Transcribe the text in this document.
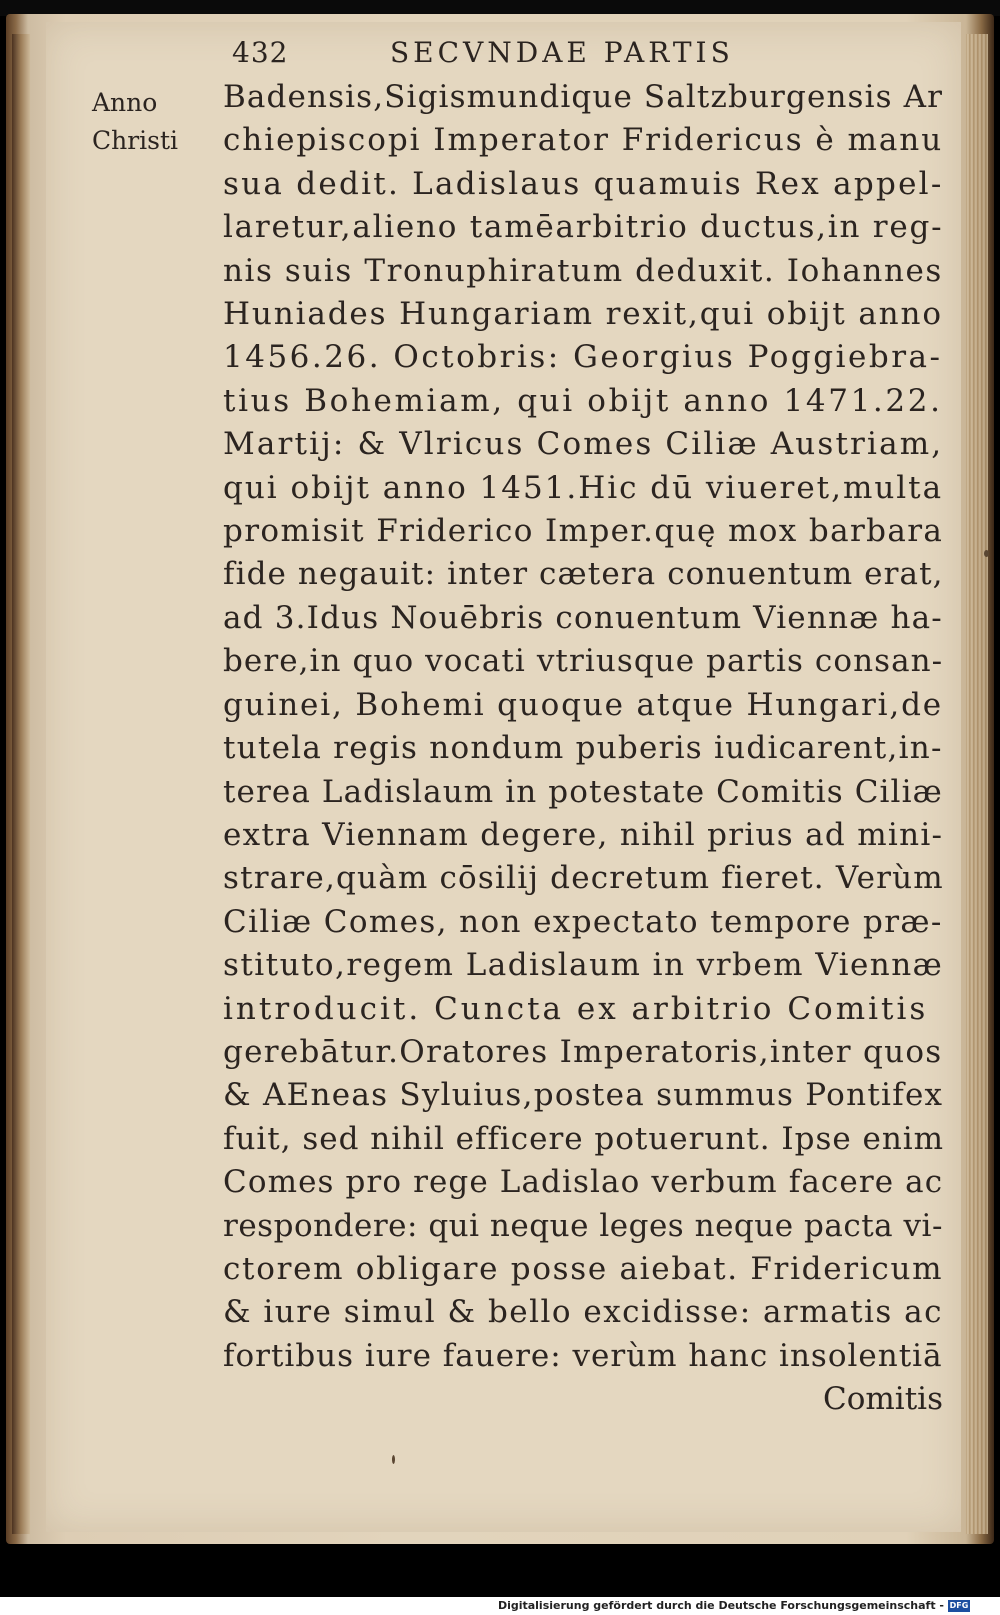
432	SECVNDAE PARTIS
Anno
Christi
Badensis,Sigismundique Saltzburgensis Ar
chiepiscopi Imperator Fridericus è manu
sua dedit. Ladislaus quamuis Rex appel-
laretur,alieno tamēarbitrio ductus,in reg-
nis suis Tronuphiratum deduxit. Iohannes
Huniades Hungariam rexit,qui obijt anno
1456.26. Octobris: Georgius Poggiebra-
tius Bohemiam, qui obijt anno 1471.22.
Martij: & Vlricus Comes Ciliæ Austriam,
qui obijt anno 1451.Hic dū viueret,multa
promisit Friderico Imper.quę mox barbara
fide negauit: inter cætera conuentum erat,
ad 3.Idus Nouēbris conuentum Viennæ ha-
bere,in quo vocati vtriusque partis consan-
guinei, Bohemi quoque atque Hungari,de
tutela regis nondum puberis iudicarent,in-
terea Ladislaum in potestate Comitis Ciliæ
extra Viennam degere, nihil prius ad mini-
strare,quàm cōsilij decretum fieret. Verùm
Ciliæ Comes, non expectato tempore præ-
stituto,regem Ladislaum in vrbem Viennæ
introducit. Cuncta ex arbitrio Comitis
gerebātur.Oratores Imperatoris,inter quos
& AEneas Syluius,postea summus Pontifex
fuit, sed nihil efficere potuerunt. Ipse enim
Comes pro rege Ladislao verbum facere ac
respondere: qui neque leges neque pacta vi-
ctorem obligare posse aiebat. Fridericum
& iure simul & bello excidisse: armatis ac
fortibus iure fauere: verùm hanc insolentiā
Comitis
Digitalisierung gefördert durch die Deutsche Forschungsgemeinschaft - DFG
